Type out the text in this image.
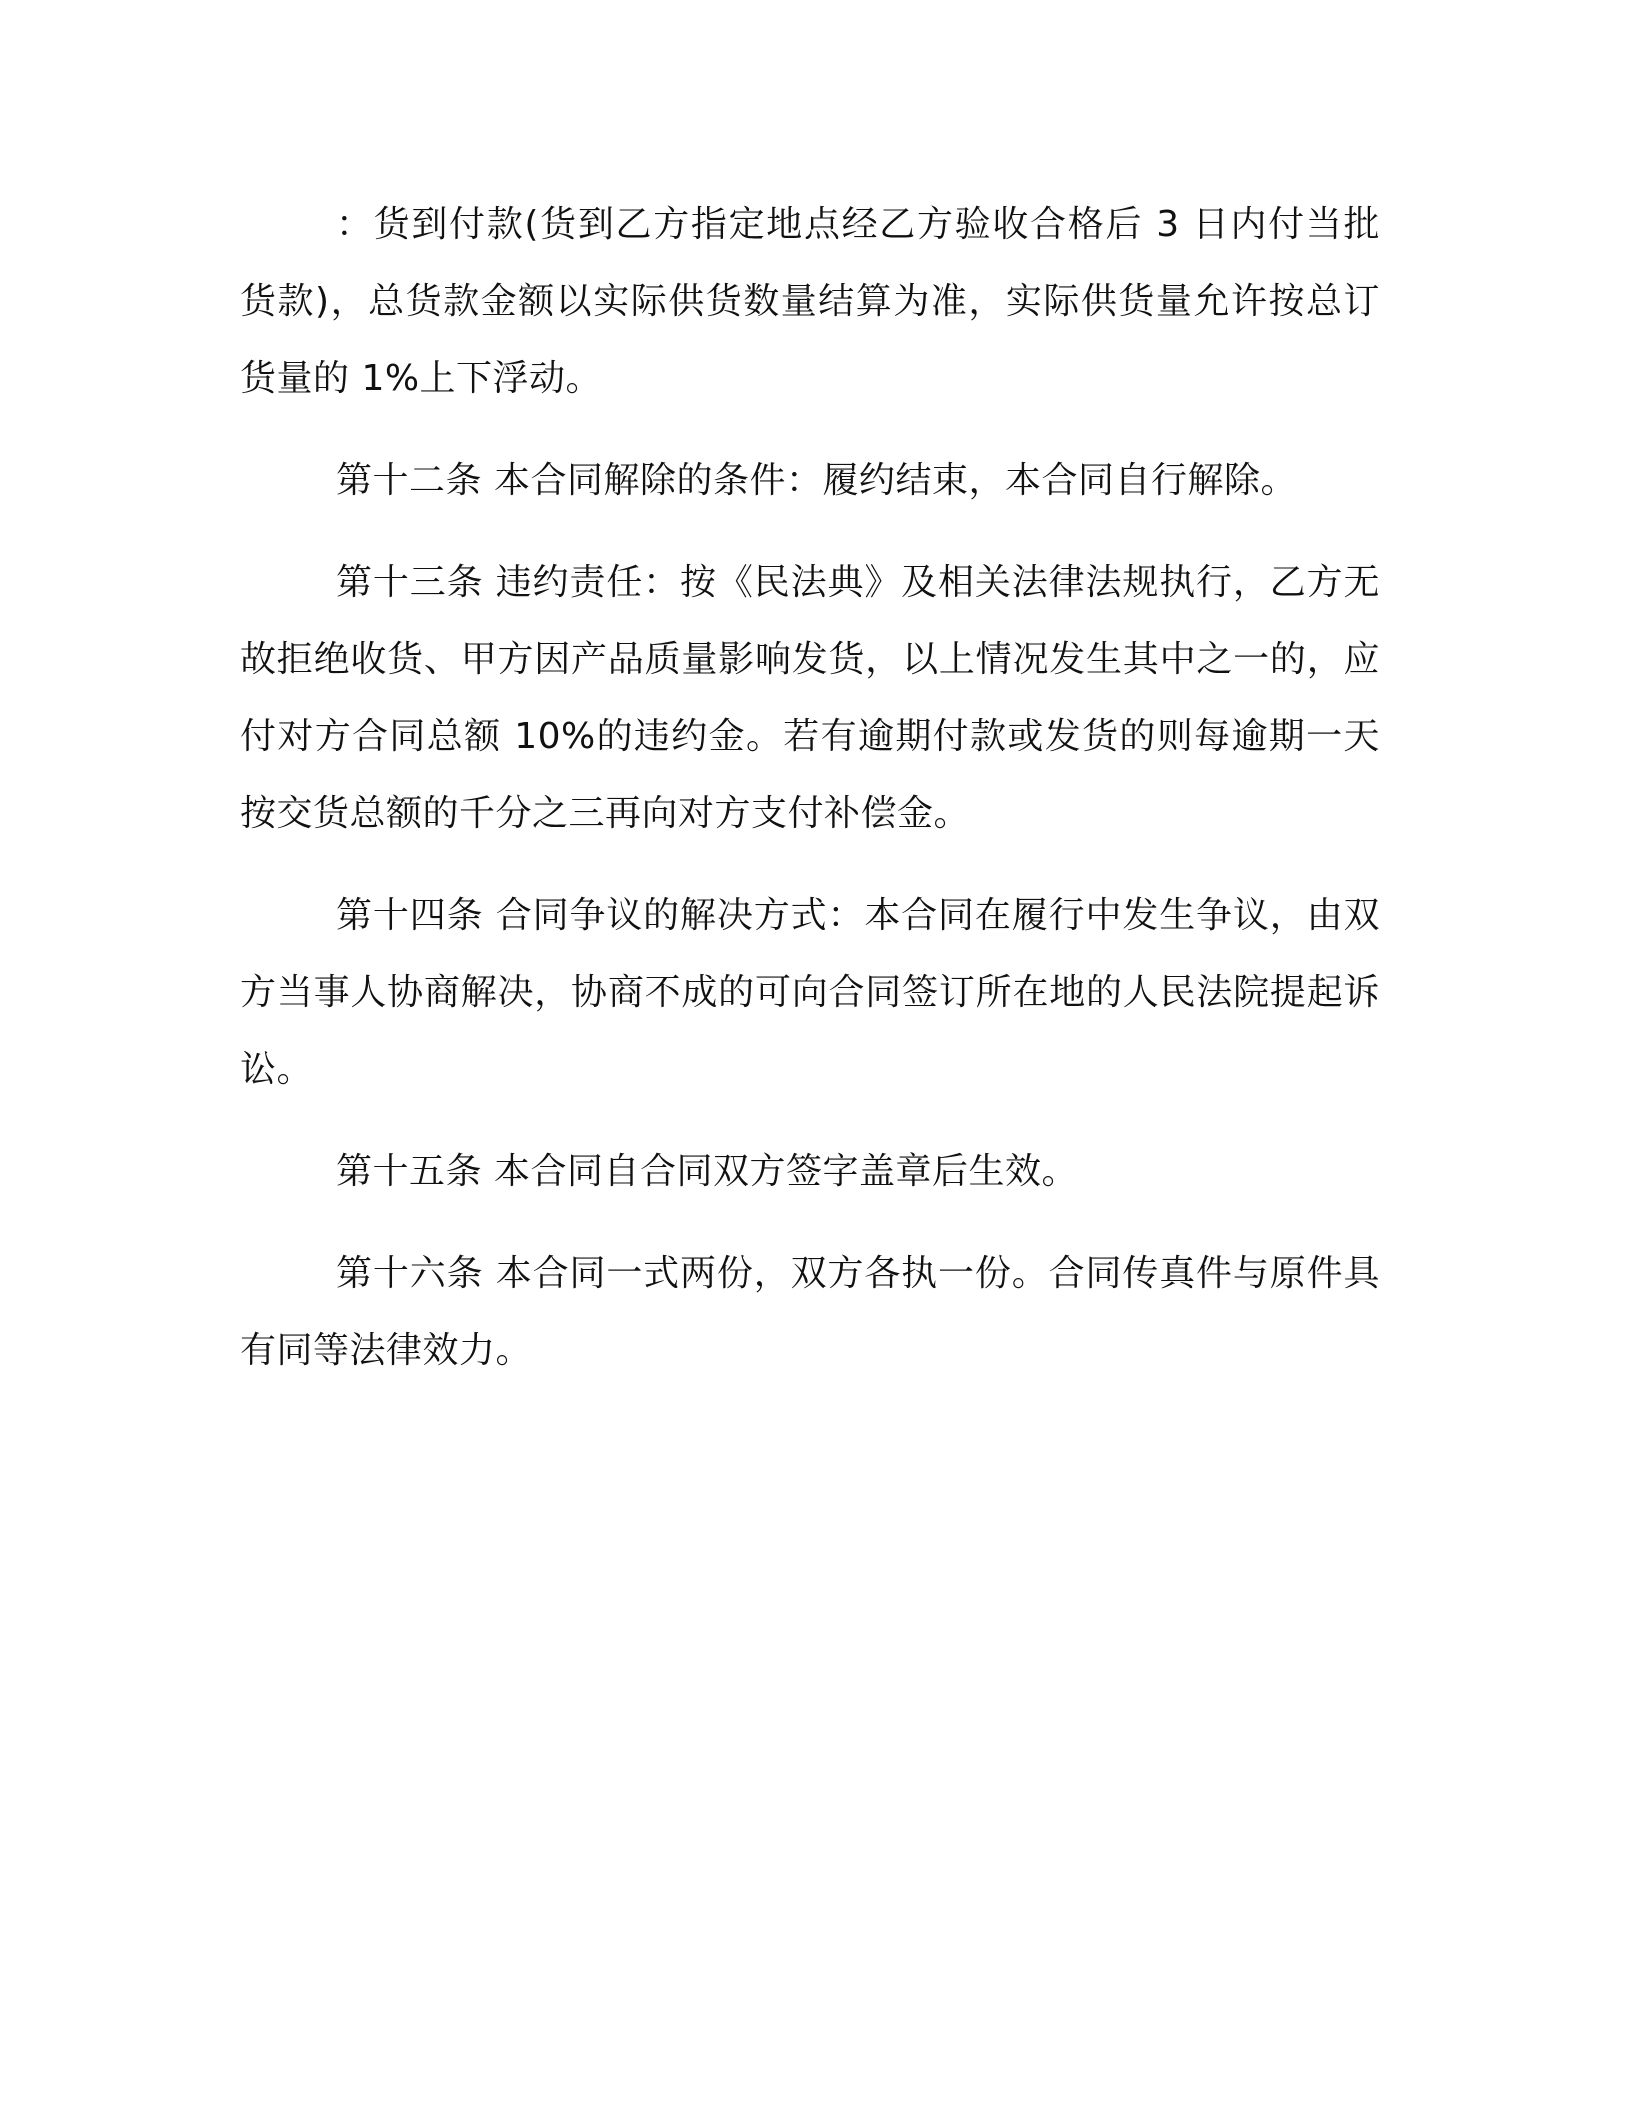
：货到付款(货到乙方指定地点经乙方验收合格后 3 日内付当批货款)，总货款金额以实际供货数量结算为准，实际供货量允许按总订货量的 1%上下浮动。

第十二条 本合同解除的条件：履约结束，本合同自行解除。

第十三条 违约责任：按《民法典》及相关法律法规执行，乙方无故拒绝收货、甲方因产品质量影响发货，以上情况发生其中之一的，应付对方合同总额 10%的违约金。若有逾期付款或发货的则每逾期一天按交货总额的千分之三再向对方支付补偿金。

第十四条 合同争议的解决方式：本合同在履行中发生争议，由双方当事人协商解决，协商不成的可向合同签订所在地的人民法院提起诉讼。

第十五条 本合同自合同双方签字盖章后生效。

第十六条 本合同一式两份，双方各执一份。合同传真件与原件具有同等法律效力。
